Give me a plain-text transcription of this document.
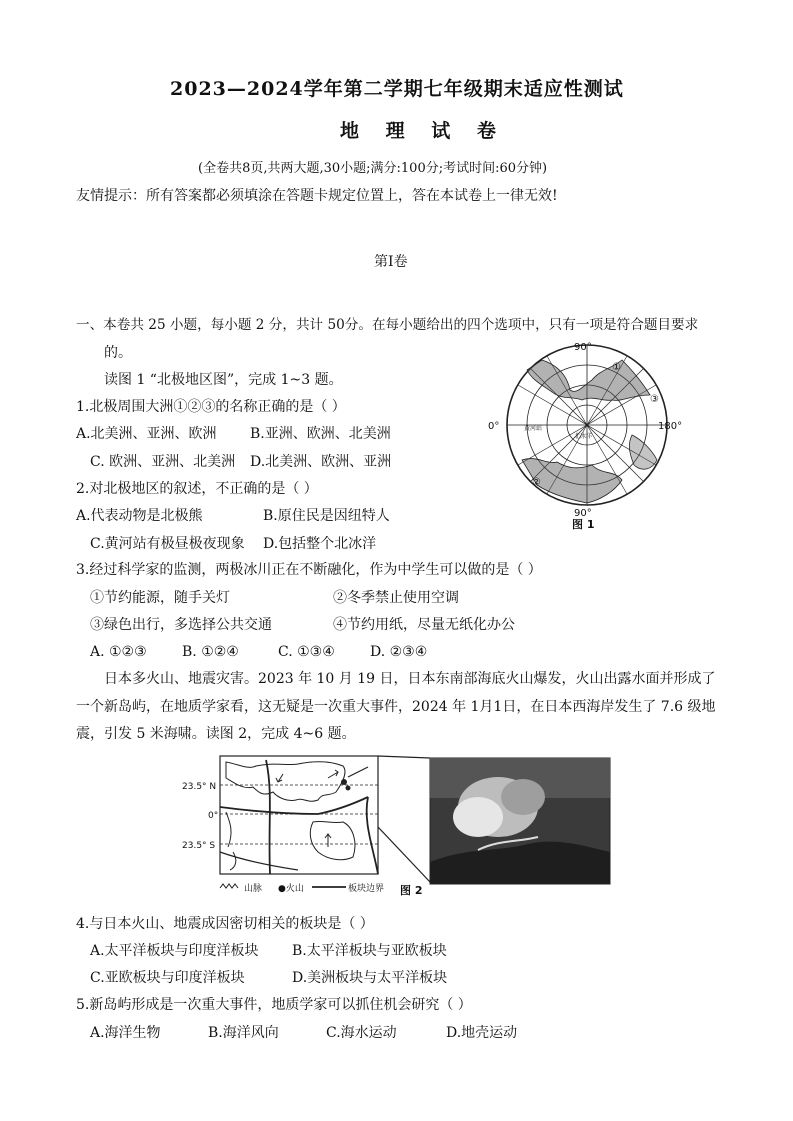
2023—2024学年第二学期七年级期末适应性测试
地 理 试 卷
(全卷共8页,共两大题,30小题;满分:100分;考试时间:60分钟)
友情提示：所有答案都必须填涂在答题卡规定位置上，答在本试卷上一律无效!
第Ⅰ卷
一、本卷共 25 小题，每小题 2 分，共计 50分。在每小题给出的四个选项中，只有一项是符合题目要求
的。
读图 1 “北极地区图”，完成 1~3 题。
1.北极周围大洲①②③的名称正确的是（ ）
A.北美洲、亚洲、欧洲 B.亚洲、欧洲、北美洲
C. 欧洲、亚洲、北美洲 D.北美洲、欧洲、亚洲
2.对北极地区的叙述，不正确的是（ ）
A.代表动物是北极熊	B.原住民是因纽特人
C.黄河站有极昼极夜现象 D.包括整个北冰洋
3.经过科学家的监测，两极冰川正在不断融化，作为中学生可以做的是（ ）
①节约能源，随手关灯	②冬季禁止使用空调
③绿色出行，多选择公共交通	④节约用纸，尽量无纸化办公
A. ①②③	B. ①②④	C. ①③④	D. ②③④
日本多火山、地震灾害。2023 年 10 月 19 日，日本东南部海底火山爆发，火山出露水面并形成了
一个新岛屿，在地质学家看，这无疑是一次重大事件，2024 年 1月1日，在日本西海岸发生了 7.6 级地
震，引发 5 米海啸。读图 2，完成 4~6 题。
4.与日本火山、地震成因密切相关的板块是（ ）
A.太平洋板块与印度洋板块 B.太平洋板块与亚欧板块
C.亚欧板块与印度洋板块	D.美洲板块与太平洋板块
5.新岛屿形成是一次重大事件，地质学家可以抓住机会研究（ ）
A.海洋生物	B.海洋风向	C.海水运动	D.地壳运动
90°
90°
0°	180°
①
②
③
黄河站
北冰洋
图 1
23.5° N
0°
23.5° S
山脉 ●火山	板块边界 图 2
